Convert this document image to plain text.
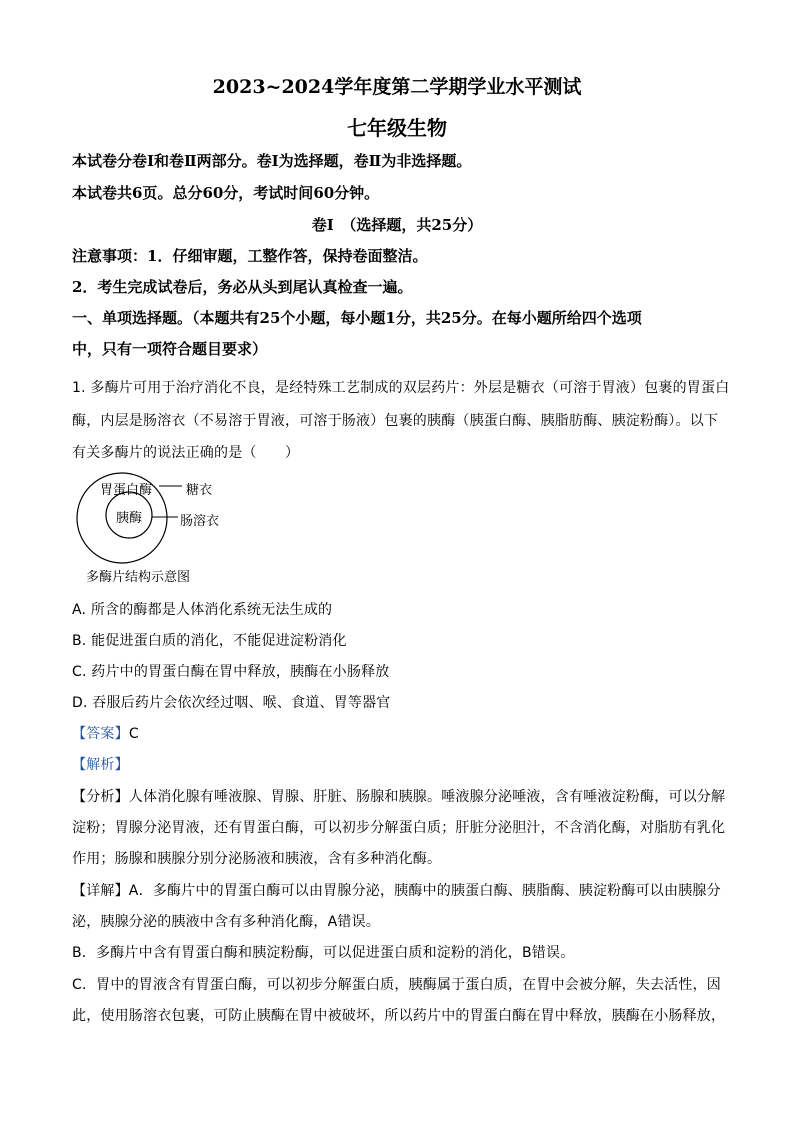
2023~2024学年度第二学期学业水平测试
七年级生物
本试卷分卷Ⅰ和卷Ⅱ两部分。卷Ⅰ为选择题，卷Ⅱ为非选择题。
本试卷共6页。总分60分，考试时间60分钟。
卷Ⅰ　（选择题，共25分）
注意事项：1．仔细审题，工整作答，保持卷面整洁。
2．考生完成试卷后，务必从头到尾认真检查一遍。
一、单项选择题。（本题共有25个小题，每小题1分，共25分。在每小题所给四个选项
中，只有一项符合题目要求）
1. 多酶片可用于治疗消化不良，是经特殊工艺制成的双层药片：外层是糖衣（可溶于胃液）包裹的胃蛋白
酶，内层是肠溶衣（不易溶于胃液，可溶于肠液）包裹的胰酶（胰蛋白酶、胰脂肪酶、胰淀粉酶）。以下
有关多酶片的说法正确的是（　　）
胃蛋白酶
胰酶
糖衣
肠溶衣
多酶片结构示意图
A. 所含的酶都是人体消化系统无法生成的
B. 能促进蛋白质的消化，不能促进淀粉消化
C. 药片中的胃蛋白酶在胃中释放，胰酶在小肠释放
D. 吞服后药片会依次经过咽、喉、食道、胃等器官
【答案】C
【解析】
【分析】人体消化腺有唾液腺、胃腺、肝脏、肠腺和胰腺。唾液腺分泌唾液，含有唾液淀粉酶，可以分解
淀粉；胃腺分泌胃液，还有胃蛋白酶，可以初步分解蛋白质；肝脏分泌胆汁，不含消化酶，对脂肪有乳化
作用；肠腺和胰腺分别分泌肠液和胰液，含有多种消化酶。
【详解】A．多酶片中的胃蛋白酶可以由胃腺分泌，胰酶中的胰蛋白酶、胰脂酶、胰淀粉酶可以由胰腺分
泌，胰腺分泌的胰液中含有多种消化酶，A错误。
B．多酶片中含有胃蛋白酶和胰淀粉酶，可以促进蛋白质和淀粉的消化，B错误。
C．胃中的胃液含有胃蛋白酶，可以初步分解蛋白质，胰酶属于蛋白质，在胃中会被分解，失去活性，因
此，使用肠溶衣包裹，可防止胰酶在胃中被破坏，所以药片中的胃蛋白酶在胃中释放，胰酶在小肠释放，
